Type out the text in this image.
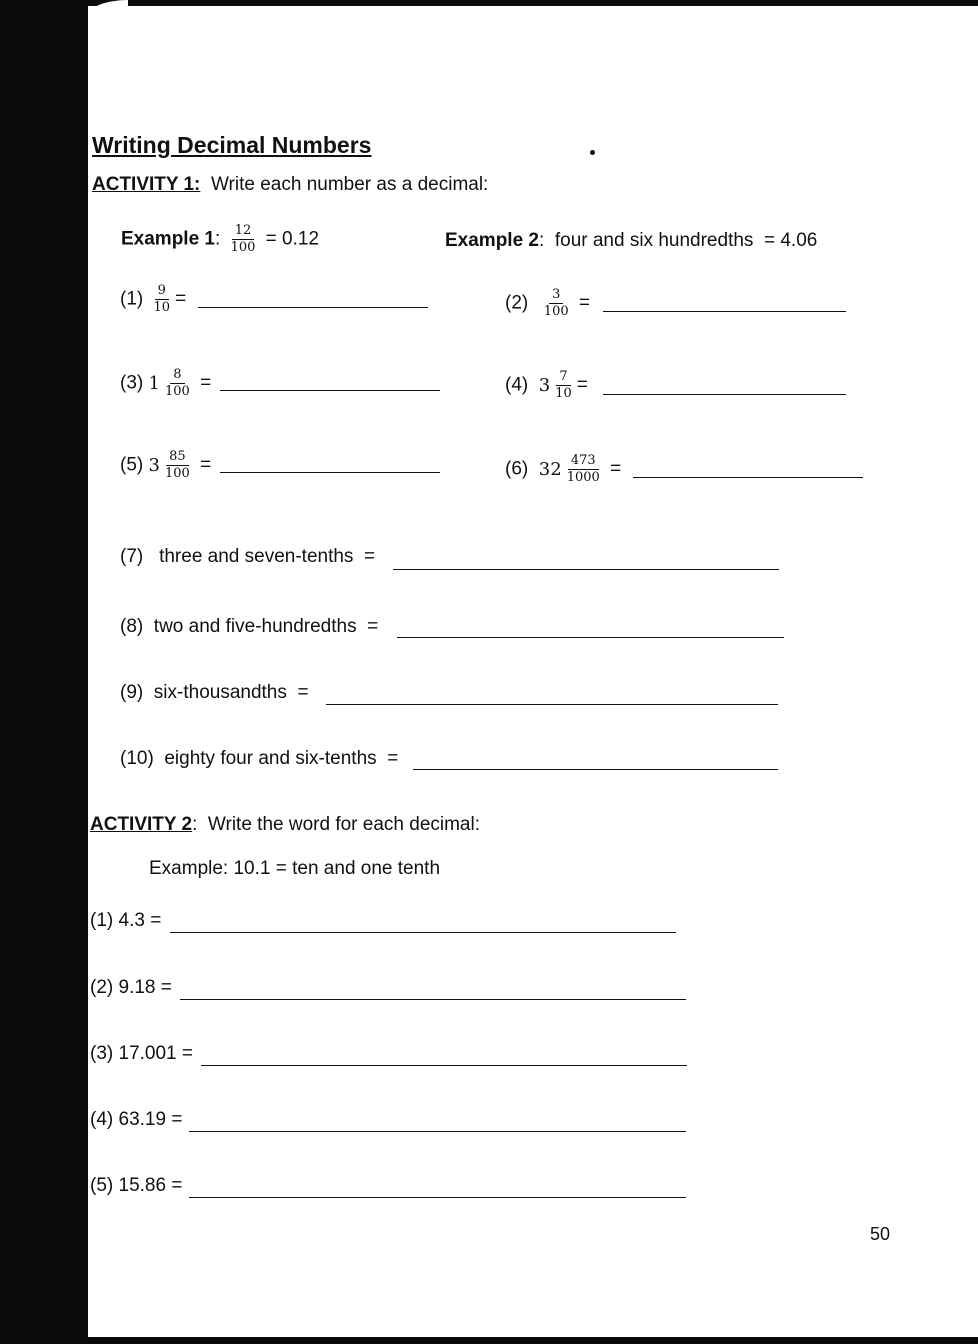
Writing Decimal Numbers
ACTIVITY 1: Write each number as a decimal:
Example 1: $\frac{12}{100} = 0.12$	Example 2: four and six hundredths = 4.06
$(1) \frac{9}{10}$ =	$(2) \frac{3}{100}$ =
(3) $1 \frac{8}{100}$ =	(4) $3 \frac{7}{10}$ =
(5) $3 \frac{85}{100}$ =	(6) $32 \frac{473}{1000}$ =
(7) three and seven-tenths =
(8) two and five-hundredths =
(9) six-thousandths =
(10) eighty four and six-tenths =
ACTIVITY 2: Write the word for each decimal:
Example: 10.1 = ten and one tenth
(1) 4.3 =
(2) 9.18 =
(3) 17.001 =
(4) 63.19 =
(5) 15.86 =
50
